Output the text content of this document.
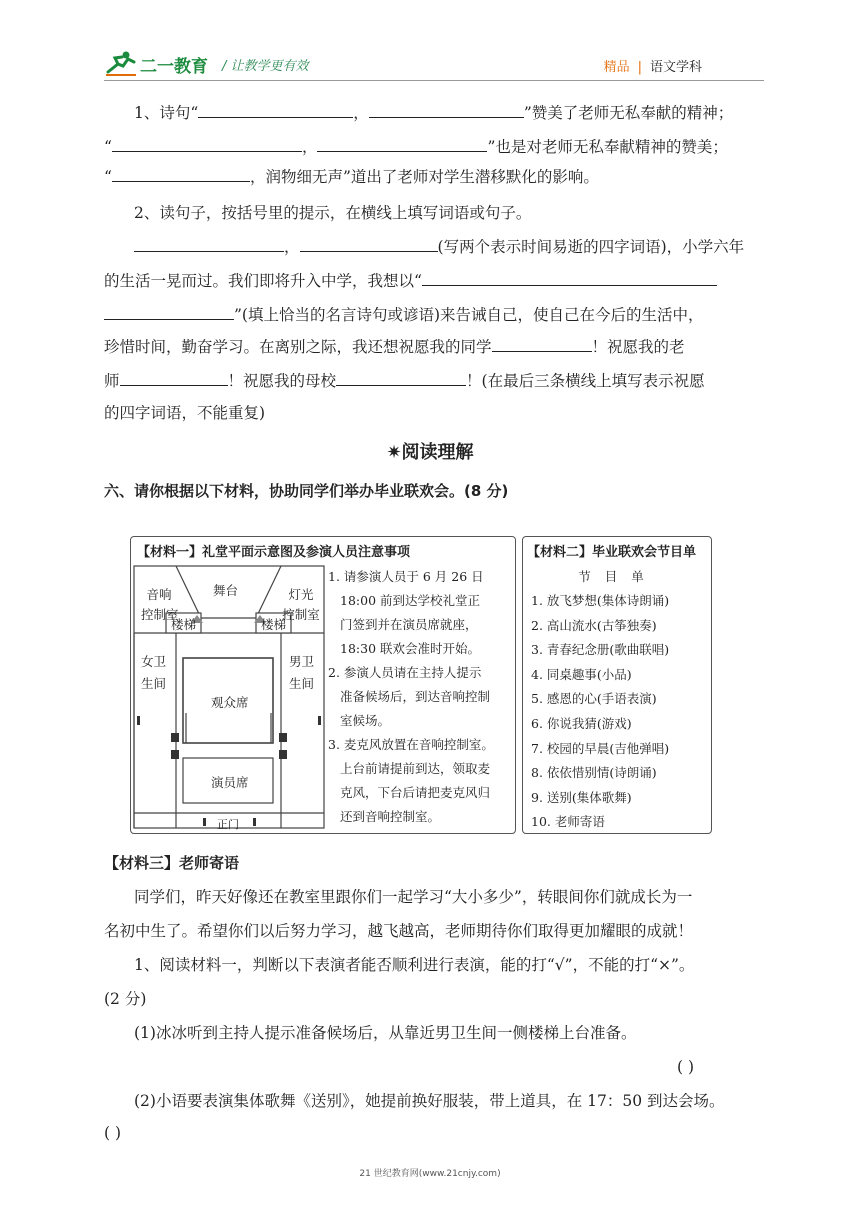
二一教育 / 让教学更有效	精品 | 语文学科
1、诗句“	，	”赞美了老师无私奉献的精神；
“	，	”也是对老师无私奉献精神的赞美；
“	，润物细无声”道出了老师对学生潜移默化的影响。
2、读句子，按括号里的提示，在横线上填写词语或句子。
，	(写两个表示时间易逝的四字词语)，小学六年
的生活一晃而过。我们即将升入中学，我想以“
”(填上恰当的名言诗句或谚语)来告诫自己，使自己在今后的生活中，
珍惜时间，勤奋学习。在离别之际，我还想祝愿我的同学	！祝愿我的老
师	！祝愿我的母校	！(在最后三条横线上填写表示祝愿
的四字词语，不能重复)
✷阅读理解
六、请你根据以下材料，协助同学们举办毕业联欢会。(8 分)
【材料一】礼堂平面示意图及参演人员注意事项
音响
控制室
舞台	灯光
控制室
楼梯	楼梯
女卫
生间
男卫
生间
观众席
演员席
正门
1. 请参演人员于 6 月 26 日
18:00 前到达学校礼堂正
门签到并在演员席就座，
18:30 联欢会准时开始。
2. 参演人员请在主持人提示
准备候场后，到达音响控制
室候场。
3. 麦克风放置在音响控制室。
上台前请提前到达，领取麦
克风，下台后请把麦克风归
还到音响控制室。
【材料二】毕业联欢会节目单
节目单
1. 放飞梦想(集体诗朗诵)
2. 高山流水(古筝独奏)
3. 青春纪念册(歌曲联唱)
4. 同桌趣事(小品)
5. 感恩的心(手语表演)
6. 你说我猜(游戏)
7. 校园的早晨(吉他弹唱)
8. 依依惜别情(诗朗诵)
9. 送别(集体歌舞)
10. 老师寄语
【材料三】老师寄语
同学们，昨天好像还在教室里跟你们一起学习“大小多少”，转眼间你们就成长为一
名初中生了。希望你们以后努力学习，越飞越高，老师期待你们取得更加耀眼的成就！
1、阅读材料一，判断以下表演者能否顺利进行表演，能的打“√”，不能的打“×”。
(2 分)
(1)冰冰听到主持人提示准备候场后，从靠近男卫生间一侧楼梯上台准备。
( )
(2)小语要表演集体歌舞《送别》，她提前换好服装，带上道具，在 17：50 到达会场。
( )
21 世纪教育网(www.21cnjy.com)
